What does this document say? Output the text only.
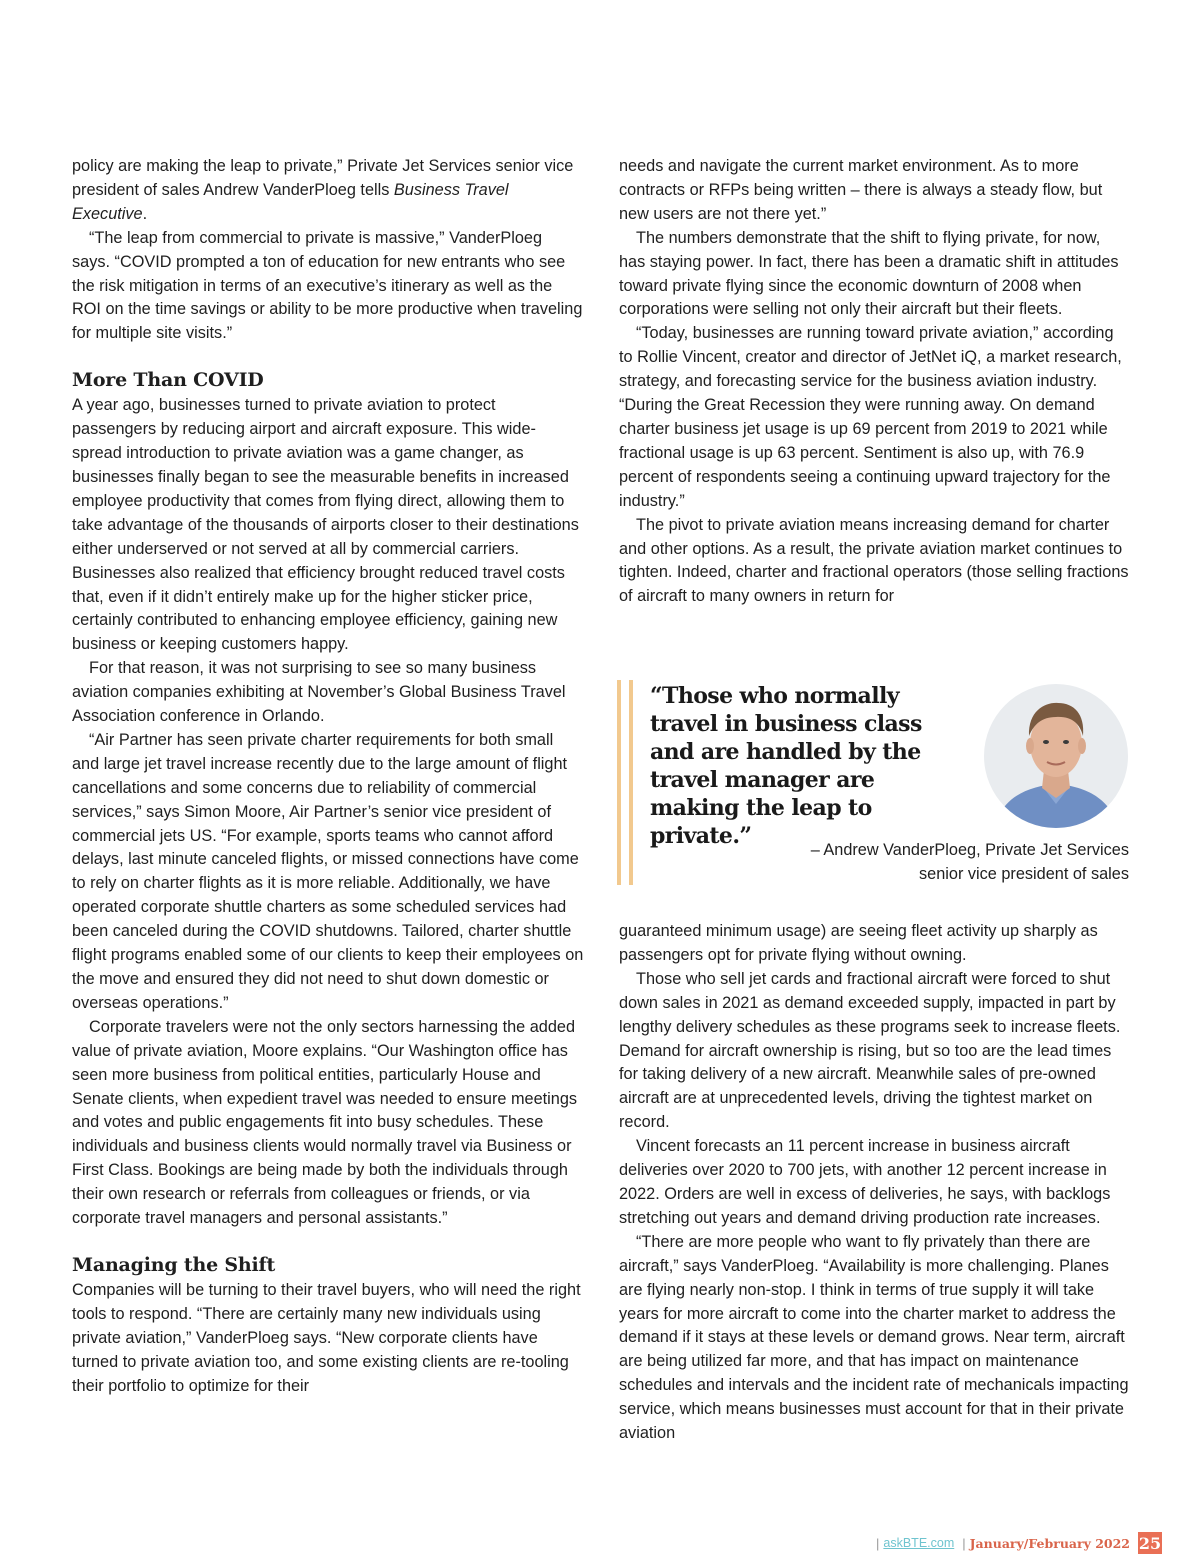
policy are making the leap to private,” Private Jet Services senior vice president of sales Andrew VanderPloeg tells Business Travel Executive.

“The leap from commercial to private is massive,” VanderPloeg says. “COVID prompted a ton of education for new entrants who see the risk mitigation in terms of an executive’s itinerary as well as the ROI on the time savings or ability to be more productive when traveling for multiple site visits.”

More Than COVID

A year ago, businesses turned to private aviation to protect passengers by reducing airport and aircraft exposure. This wide-spread introduction to private aviation was a game changer, as businesses finally began to see the measurable benefits in increased employee productivity that comes from flying direct, allowing them to take advantage of the thousands of airports closer to their destinations either underserved or not served at all by commercial carriers. Businesses also realized that efficiency brought reduced travel costs that, even if it didn’t entirely make up for the higher sticker price, certainly contributed to enhancing employee efficiency, gaining new business or keeping customers happy.

For that reason, it was not surprising to see so many business aviation companies exhibiting at November’s Global Business Travel Association conference in Orlando.

“Air Partner has seen private charter requirements for both small and large jet travel increase recently due to the large amount of flight cancellations and some concerns due to reliability of commercial services,” says Simon Moore, Air Partner’s senior vice president of commercial jets US. “For example, sports teams who cannot afford delays, last minute canceled flights, or missed connections have come to rely on charter flights as it is more reliable. Additionally, we have operated corporate shuttle charters as some scheduled services had been canceled during the COVID shutdowns. Tailored, charter shuttle flight programs enabled some of our clients to keep their employees on the move and ensured they did not need to shut down domestic or overseas operations.”

Corporate travelers were not the only sectors harnessing the added value of private aviation, Moore explains. “Our Washington office has seen more business from political entities, particularly House and Senate clients, when expedient travel was needed to ensure meetings and votes and public engagements fit into busy schedules. These individuals and business clients would normally travel via Business or First Class. Bookings are being made by both the individuals through their own research or referrals from colleagues or friends, or via corporate travel managers and personal assistants.”

Managing the Shift

Companies will be turning to their travel buyers, who will need the right tools to respond. “There are certainly many new individuals using private aviation,” VanderPloeg says. “New corporate clients have turned to private aviation too, and some existing clients are re-tooling their portfolio to optimize for their

needs and navigate the current market environment. As to more contracts or RFPs being written – there is always a steady flow, but new users are not there yet.”

The numbers demonstrate that the shift to flying private, for now, has staying power. In fact, there has been a dramatic shift in attitudes toward private flying since the economic downturn of 2008 when corporations were selling not only their aircraft but their fleets.

“Today, businesses are running toward private aviation,” according to Rollie Vincent, creator and director of JetNet iQ, a market research, strategy, and forecasting service for the business aviation industry. “During the Great Recession they were running away. On demand charter business jet usage is up 69 percent from 2019 to 2021 while fractional usage is up 63 percent. Sentiment is also up, with 76.9 percent of respondents seeing a continuing upward trajectory for the industry.”

The pivot to private aviation means increasing demand for charter and other options. As a result, the private aviation market continues to tighten. Indeed, charter and fractional operators (those selling fractions of aircraft to many owners in return for

“Those who normally travel in business class and are handled by the travel manager are making the leap to private.”
– Andrew VanderPloeg, Private Jet Services
senior vice president of sales

guaranteed minimum usage) are seeing fleet activity up sharply as passengers opt for private flying without owning.

Those who sell jet cards and fractional aircraft were forced to shut down sales in 2021 as demand exceeded supply, impacted in part by lengthy delivery schedules as these programs seek to increase fleets. Demand for aircraft ownership is rising, but so too are the lead times for taking delivery of a new aircraft. Meanwhile sales of pre-owned aircraft are at unprecedented levels, driving the tightest market on record.

Vincent forecasts an 11 percent increase in business aircraft deliveries over 2020 to 700 jets, with another 12 percent increase in 2022. Orders are well in excess of deliveries, he says, with backlogs stretching out years and demand driving production rate increases.

“There are more people who want to fly privately than there are aircraft,” says VanderPloeg. “Availability is more challenging. Planes are flying nearly non-stop. I think in terms of true supply it will take years for more aircraft to come into the charter market to address the demand if it stays at these levels or demand grows. Near term, aircraft are being utilized far more, and that has impact on maintenance schedules and intervals and the incident rate of mechanicals impacting service, which means businesses must account for that in their private aviation

| askBTE.com | January/February 2022 25
